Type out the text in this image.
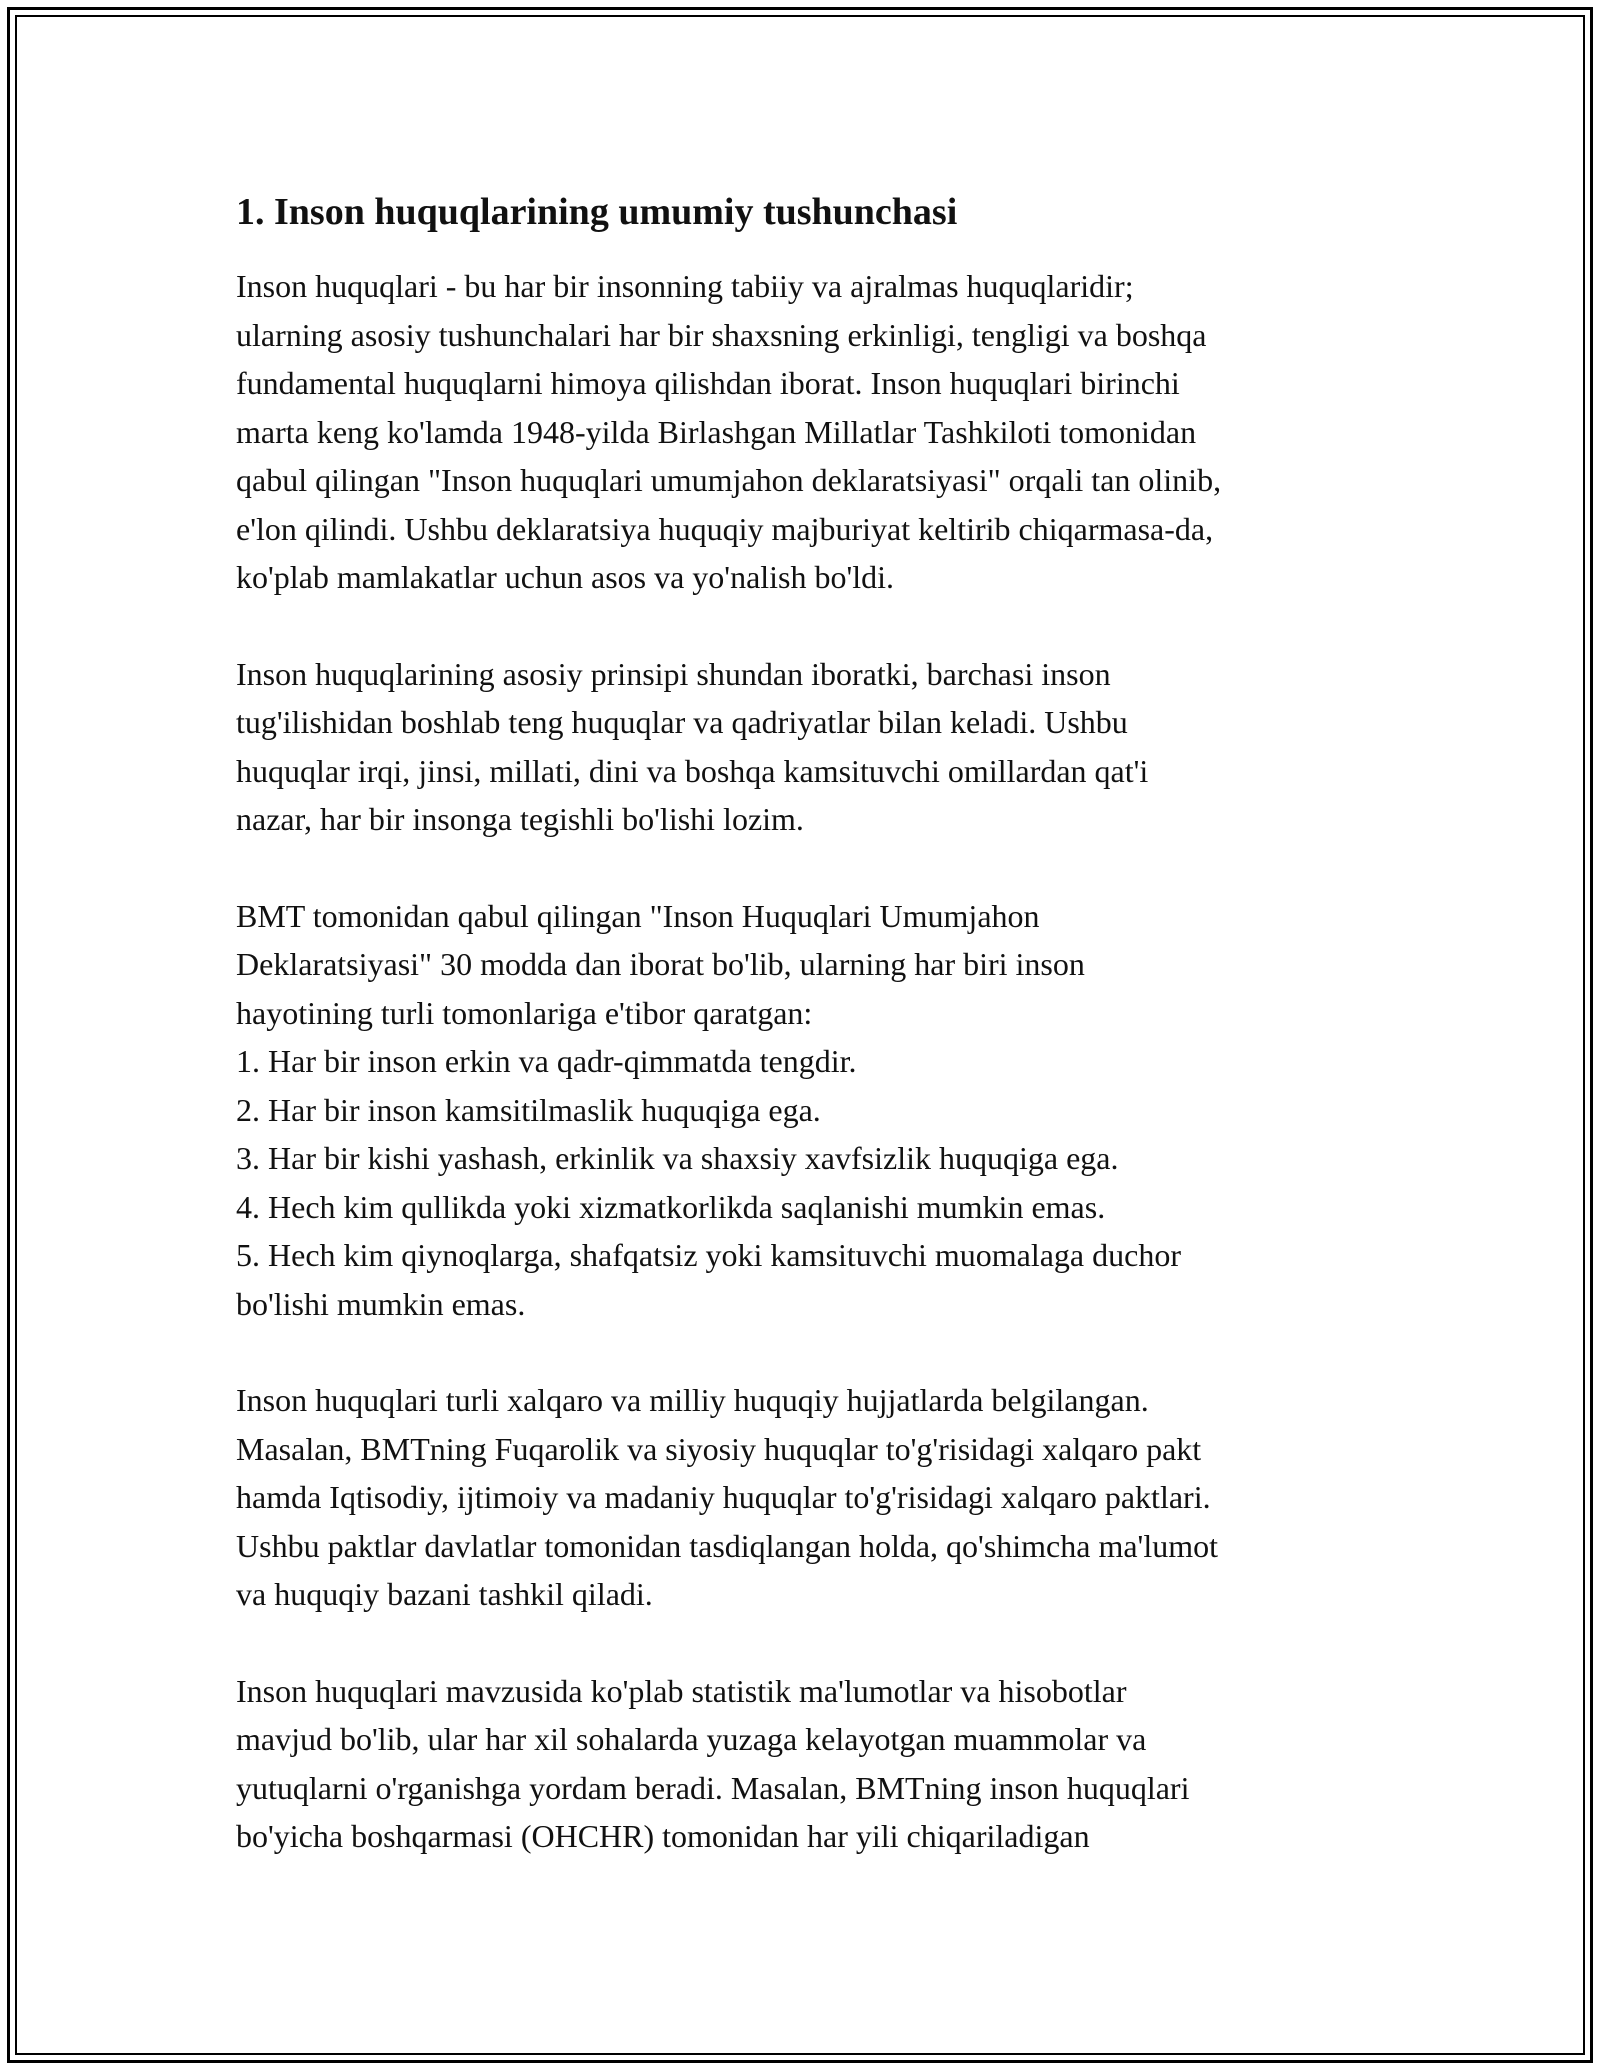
1. Inson huquqlarining umumiy tushunchasi

Inson huquqlari - bu har bir insonning tabiiy va ajralmas huquqlaridir;
ularning asosiy tushunchalari har bir shaxsning erkinligi, tengligi va boshqa
fundamental huquqlarni himoya qilishdan iborat. Inson huquqlari birinchi
marta keng ko'lamda 1948-yilda Birlashgan Millatlar Tashkiloti tomonidan
qabul qilingan "Inson huquqlari umumjahon deklaratsiyasi" orqali tan olinib,
e'lon qilindi. Ushbu deklaratsiya huquqiy majburiyat keltirib chiqarmasa-da,
ko'plab mamlakatlar uchun asos va yo'nalish bo'ldi.

Inson huquqlarining asosiy prinsipi shundan iboratki, barchasi inson
tug'ilishidan boshlab teng huquqlar va qadriyatlar bilan keladi. Ushbu
huquqlar irqi, jinsi, millati, dini va boshqa kamsituvchi omillardan qat'i
nazar, har bir insonga tegishli bo'lishi lozim.

BMT tomonidan qabul qilingan "Inson Huquqlari Umumjahon
Deklaratsiyasi" 30 modda dan iborat bo'lib, ularning har biri inson
hayotining turli tomonlariga e'tibor qaratgan:
1. Har bir inson erkin va qadr-qimmatda tengdir.
2. Har bir inson kamsitilmaslik huquqiga ega.
3. Har bir kishi yashash, erkinlik va shaxsiy xavfsizlik huquqiga ega.
4. Hech kim qullikda yoki xizmatkorlikda saqlanishi mumkin emas.
5. Hech kim qiynoqlarga, shafqatsiz yoki kamsituvchi muomalaga duchor
bo'lishi mumkin emas.

Inson huquqlari turli xalqaro va milliy huquqiy hujjatlarda belgilangan.
Masalan, BMTning Fuqarolik va siyosiy huquqlar to'g'risidagi xalqaro pakt
hamda Iqtisodiy, ijtimoiy va madaniy huquqlar to'g'risidagi xalqaro paktlari.
Ushbu paktlar davlatlar tomonidan tasdiqlangan holda, qo'shimcha ma'lumot
va huquqiy bazani tashkil qiladi.

Inson huquqlari mavzusida ko'plab statistik ma'lumotlar va hisobotlar
mavjud bo'lib, ular har xil sohalarda yuzaga kelayotgan muammolar va
yutuqlarni o'rganishga yordam beradi. Masalan, BMTning inson huquqlari
bo'yicha boshqarmasi (OHCHR) tomonidan har yili chiqariladigan
